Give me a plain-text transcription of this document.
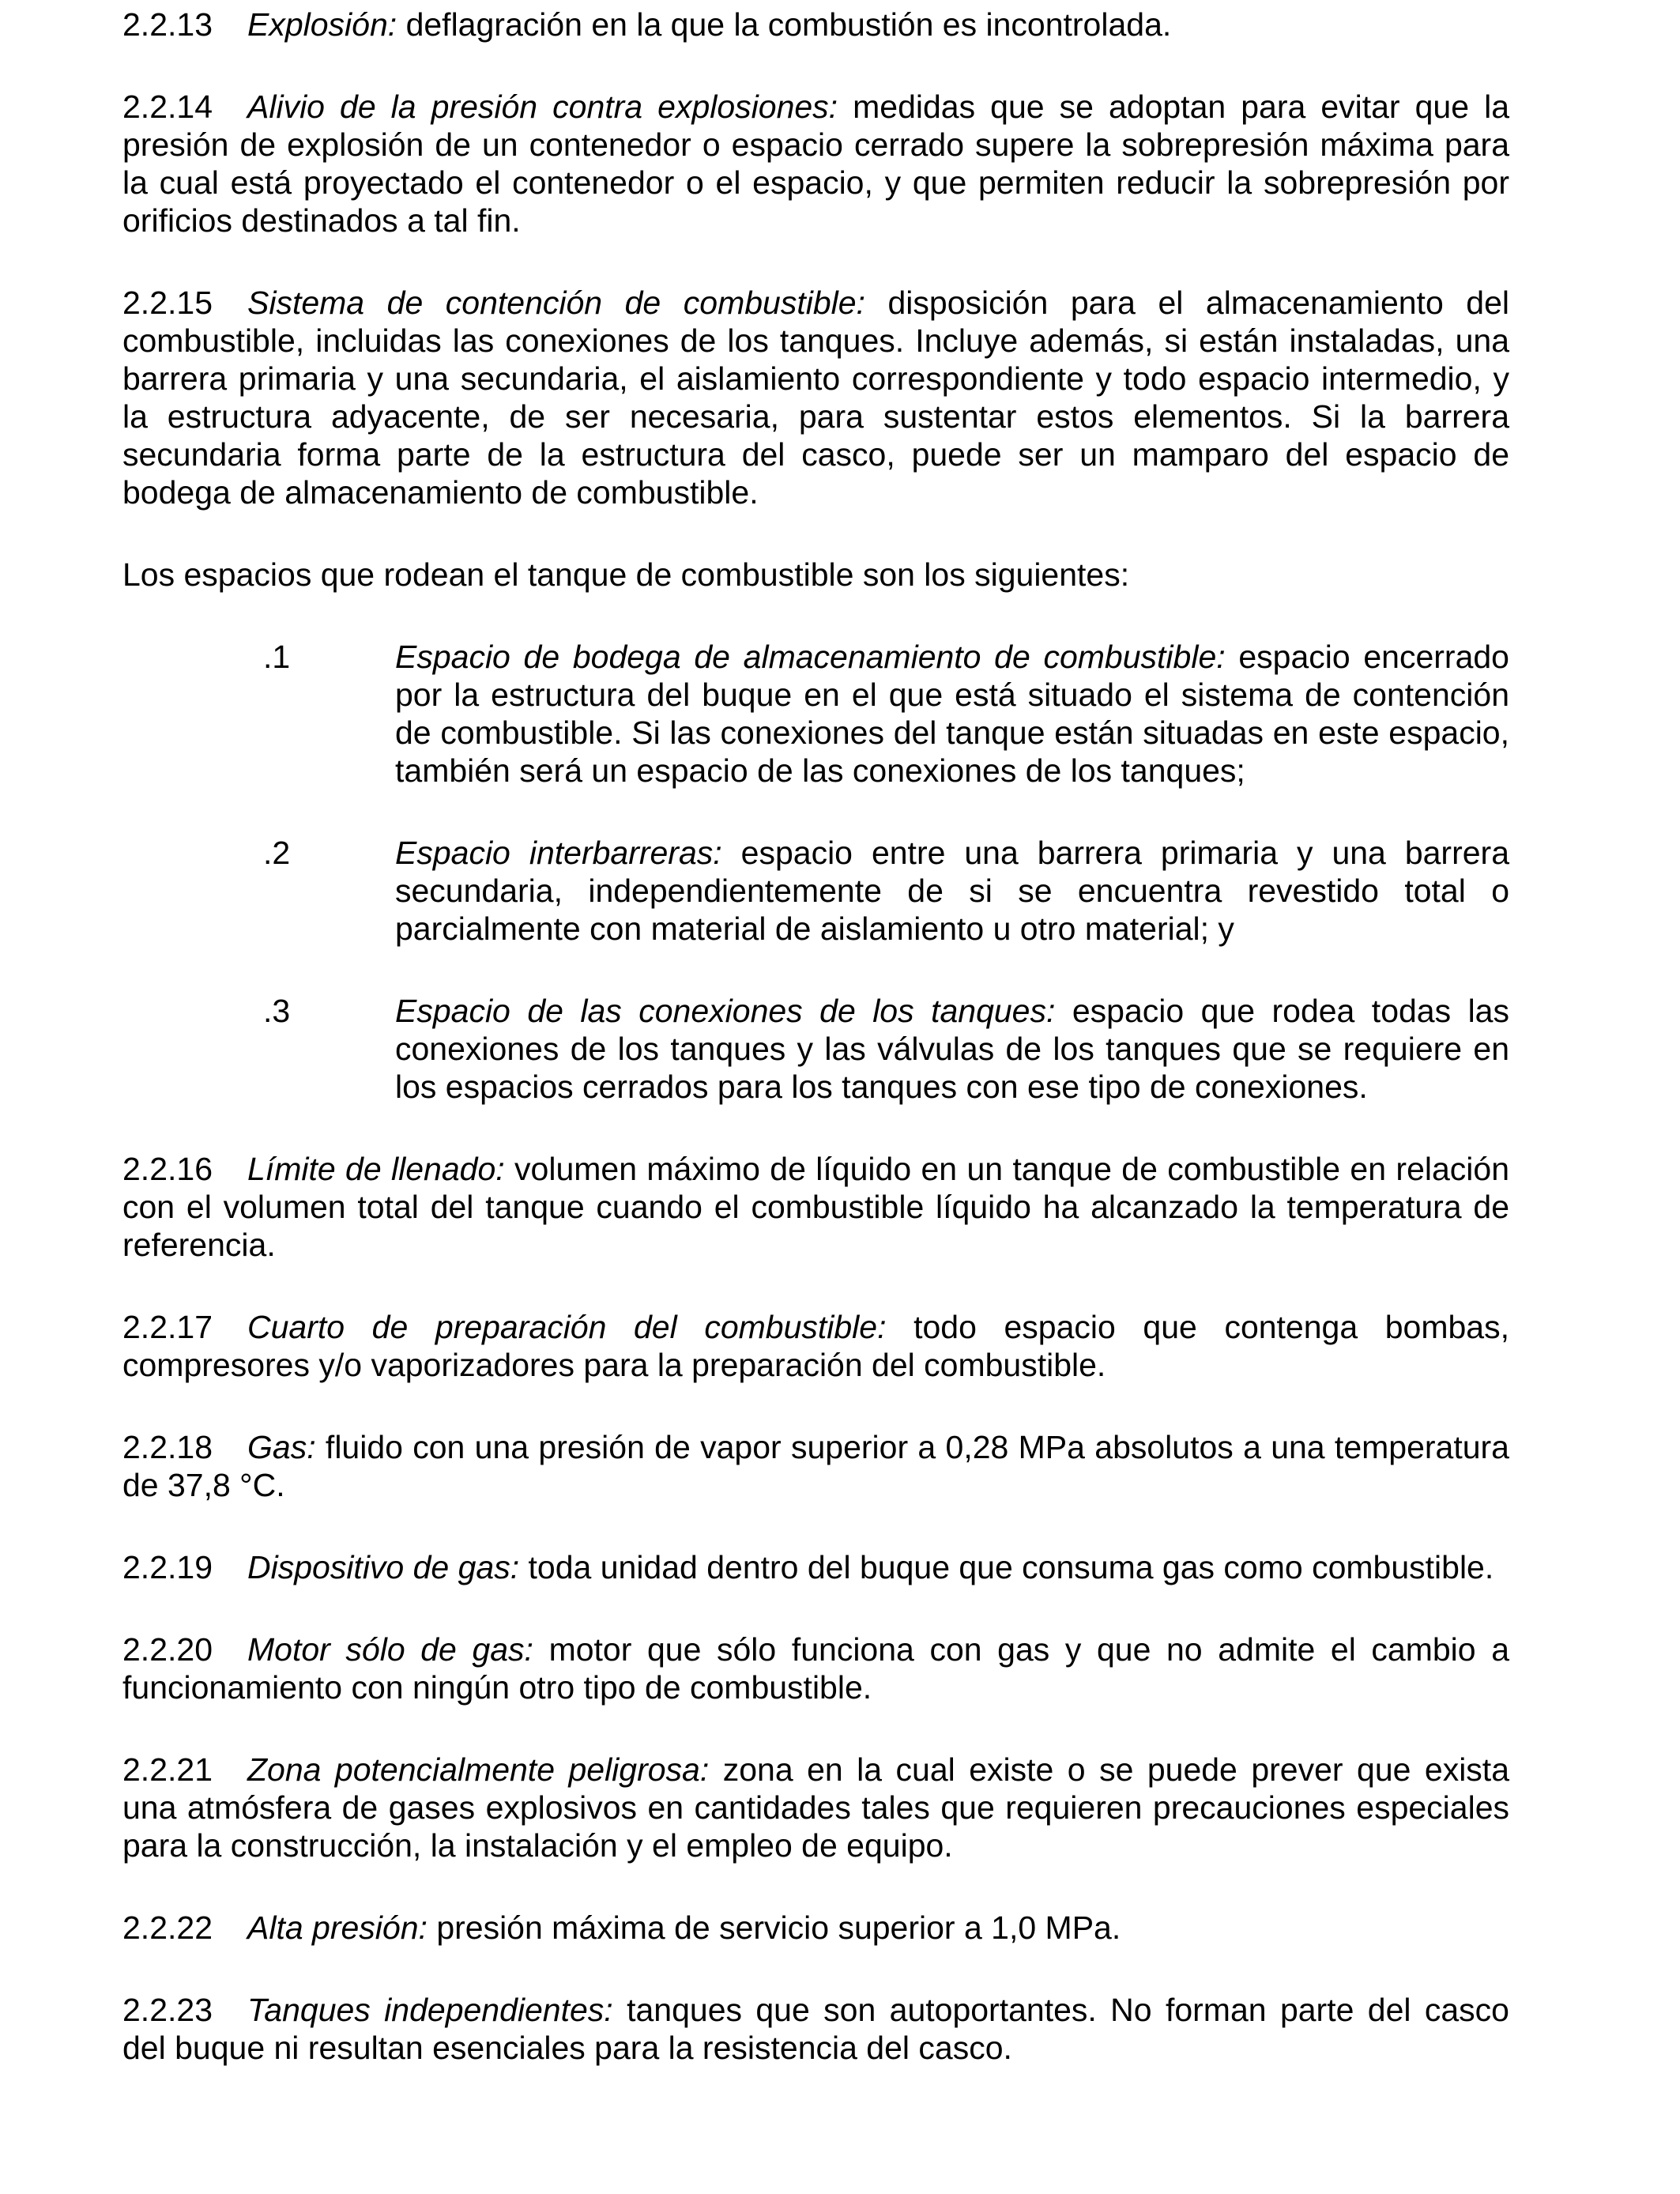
2.2.13 Explosión: deflagración en la que la combustión es incontrolada.

2.2.14 Alivio de la presión contra explosiones: medidas que se adoptan para evitar que la presión de explosión de un contenedor o espacio cerrado supere la sobrepresión máxima para la cual está proyectado el contenedor o el espacio, y que permiten reducir la sobrepresión por orificios destinados a tal fin.

2.2.15 Sistema de contención de combustible: disposición para el almacenamiento del combustible, incluidas las conexiones de los tanques. Incluye además, si están instaladas, una barrera primaria y una secundaria, el aislamiento correspondiente y todo espacio intermedio, y la estructura adyacente, de ser necesaria, para sustentar estos elementos. Si la barrera secundaria forma parte de la estructura del casco, puede ser un mamparo del espacio de bodega de almacenamiento de combustible.

Los espacios que rodean el tanque de combustible son los siguientes:

.1	Espacio de bodega de almacenamiento de combustible: espacio encerrado por la estructura del buque en el que está situado el sistema de contención de combustible. Si las conexiones del tanque están situadas en este espacio, también será un espacio de las conexiones de los tanques;
.2	Espacio interbarreras: espacio entre una barrera primaria y una barrera secundaria, independientemente de si se encuentra revestido total o parcialmente con material de aislamiento u otro material; y
.3	Espacio de las conexiones de los tanques: espacio que rodea todas las conexiones de los tanques y las válvulas de los tanques que se requiere en los espacios cerrados para los tanques con ese tipo de conexiones.

2.2.16 Límite de llenado: volumen máximo de líquido en un tanque de combustible en relación con el volumen total del tanque cuando el combustible líquido ha alcanzado la temperatura de referencia.

2.2.17 Cuarto de preparación del combustible: todo espacio que contenga bombas, compresores y/o vaporizadores para la preparación del combustible.

2.2.18 Gas: fluido con una presión de vapor superior a 0,28 MPa absolutos a una temperatura de 37,8 °C.

2.2.19 Dispositivo de gas: toda unidad dentro del buque que consuma gas como combustible.

2.2.20 Motor sólo de gas: motor que sólo funciona con gas y que no admite el cambio a funcionamiento con ningún otro tipo de combustible.

2.2.21 Zona potencialmente peligrosa: zona en la cual existe o se puede prever que exista una atmósfera de gases explosivos en cantidades tales que requieren precauciones especiales para la construcción, la instalación y el empleo de equipo.

2.2.22 Alta presión: presión máxima de servicio superior a 1,0 MPa.

2.2.23 Tanques independientes: tanques que son autoportantes. No forman parte del casco del buque ni resultan esenciales para la resistencia del casco.
